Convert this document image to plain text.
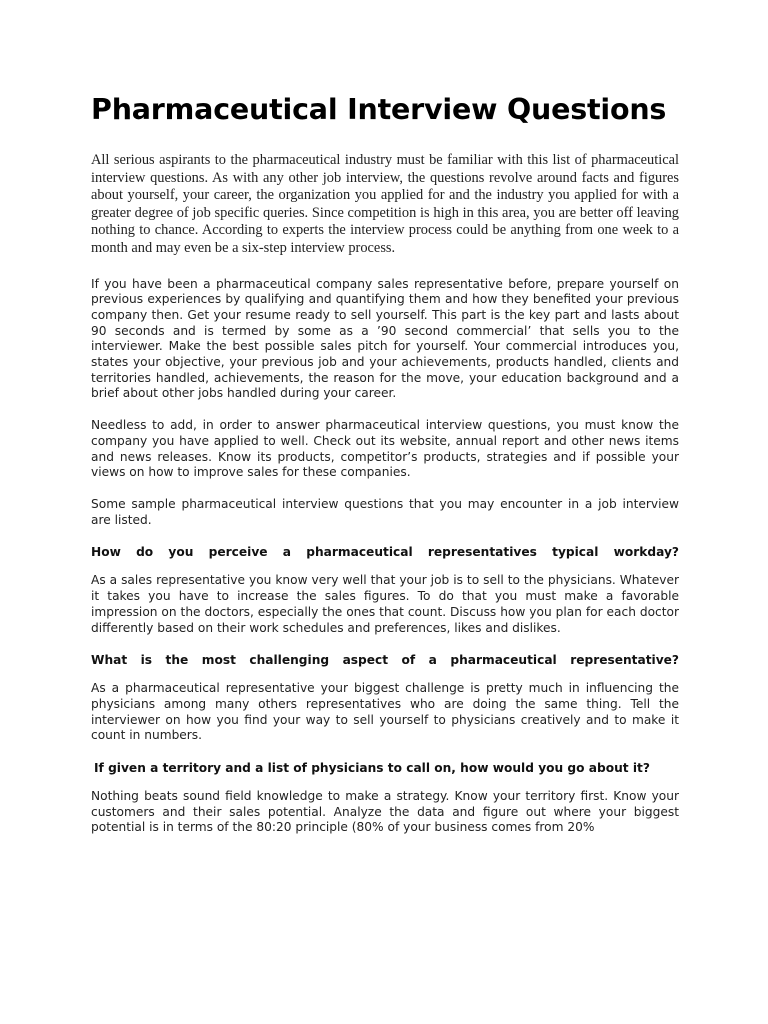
Pharmaceutical Interview Questions

All serious aspirants to the pharmaceutical industry must be familiar with this list of pharmaceutical interview questions. As with any other job interview, the questions revolve around facts and figures about yourself, your career, the organization you applied for and the industry you applied for with a greater degree of job specific queries. Since competition is high in this area, you are better off leaving nothing to chance. According to experts the interview process could be anything from one week to a month and may even be a six-step interview process.

If you have been a pharmaceutical company sales representative before, prepare yourself on previous experiences by qualifying and quantifying them and how they benefited your previous company then. Get your resume ready to sell yourself. This part is the key part and lasts about 90 seconds and is termed by some as a ’90 second commercial’ that sells you to the interviewer. Make the best possible sales pitch for yourself. Your commercial introduces you, states your objective, your previous job and your achievements, products handled, clients and territories handled, achievements, the reason for the move, your education background and a brief about other jobs handled during your career.

Needless to add, in order to answer pharmaceutical interview questions, you must know the company you have applied to well. Check out its website, annual report and other news items and news releases. Know its products, competitor’s products, strategies and if possible your views on how to improve sales for these companies.

Some sample pharmaceutical interview questions that you may encounter in a job interview are listed.

How do you perceive a pharmaceutical representatives typical workday?

As a sales representative you know very well that your job is to sell to the physicians. Whatever it takes you have to increase the sales figures. To do that you must make a favorable impression on the doctors, especially the ones that count. Discuss how you plan for each doctor differently based on their work schedules and preferences, likes and dislikes.

What is the most challenging aspect of a pharmaceutical representative?

As a pharmaceutical representative your biggest challenge is pretty much in influencing the physicians among many others representatives who are doing the same thing. Tell the interviewer on how you find your way to sell yourself to physicians creatively and to make it count in numbers.

If given a territory and a list of physicians to call on, how would you go about it?

Nothing beats sound field knowledge to make a strategy. Know your territory first. Know your customers and their sales potential. Analyze the data and figure out where your biggest potential is in terms of the 80:20 principle (80% of your business comes from 20%
